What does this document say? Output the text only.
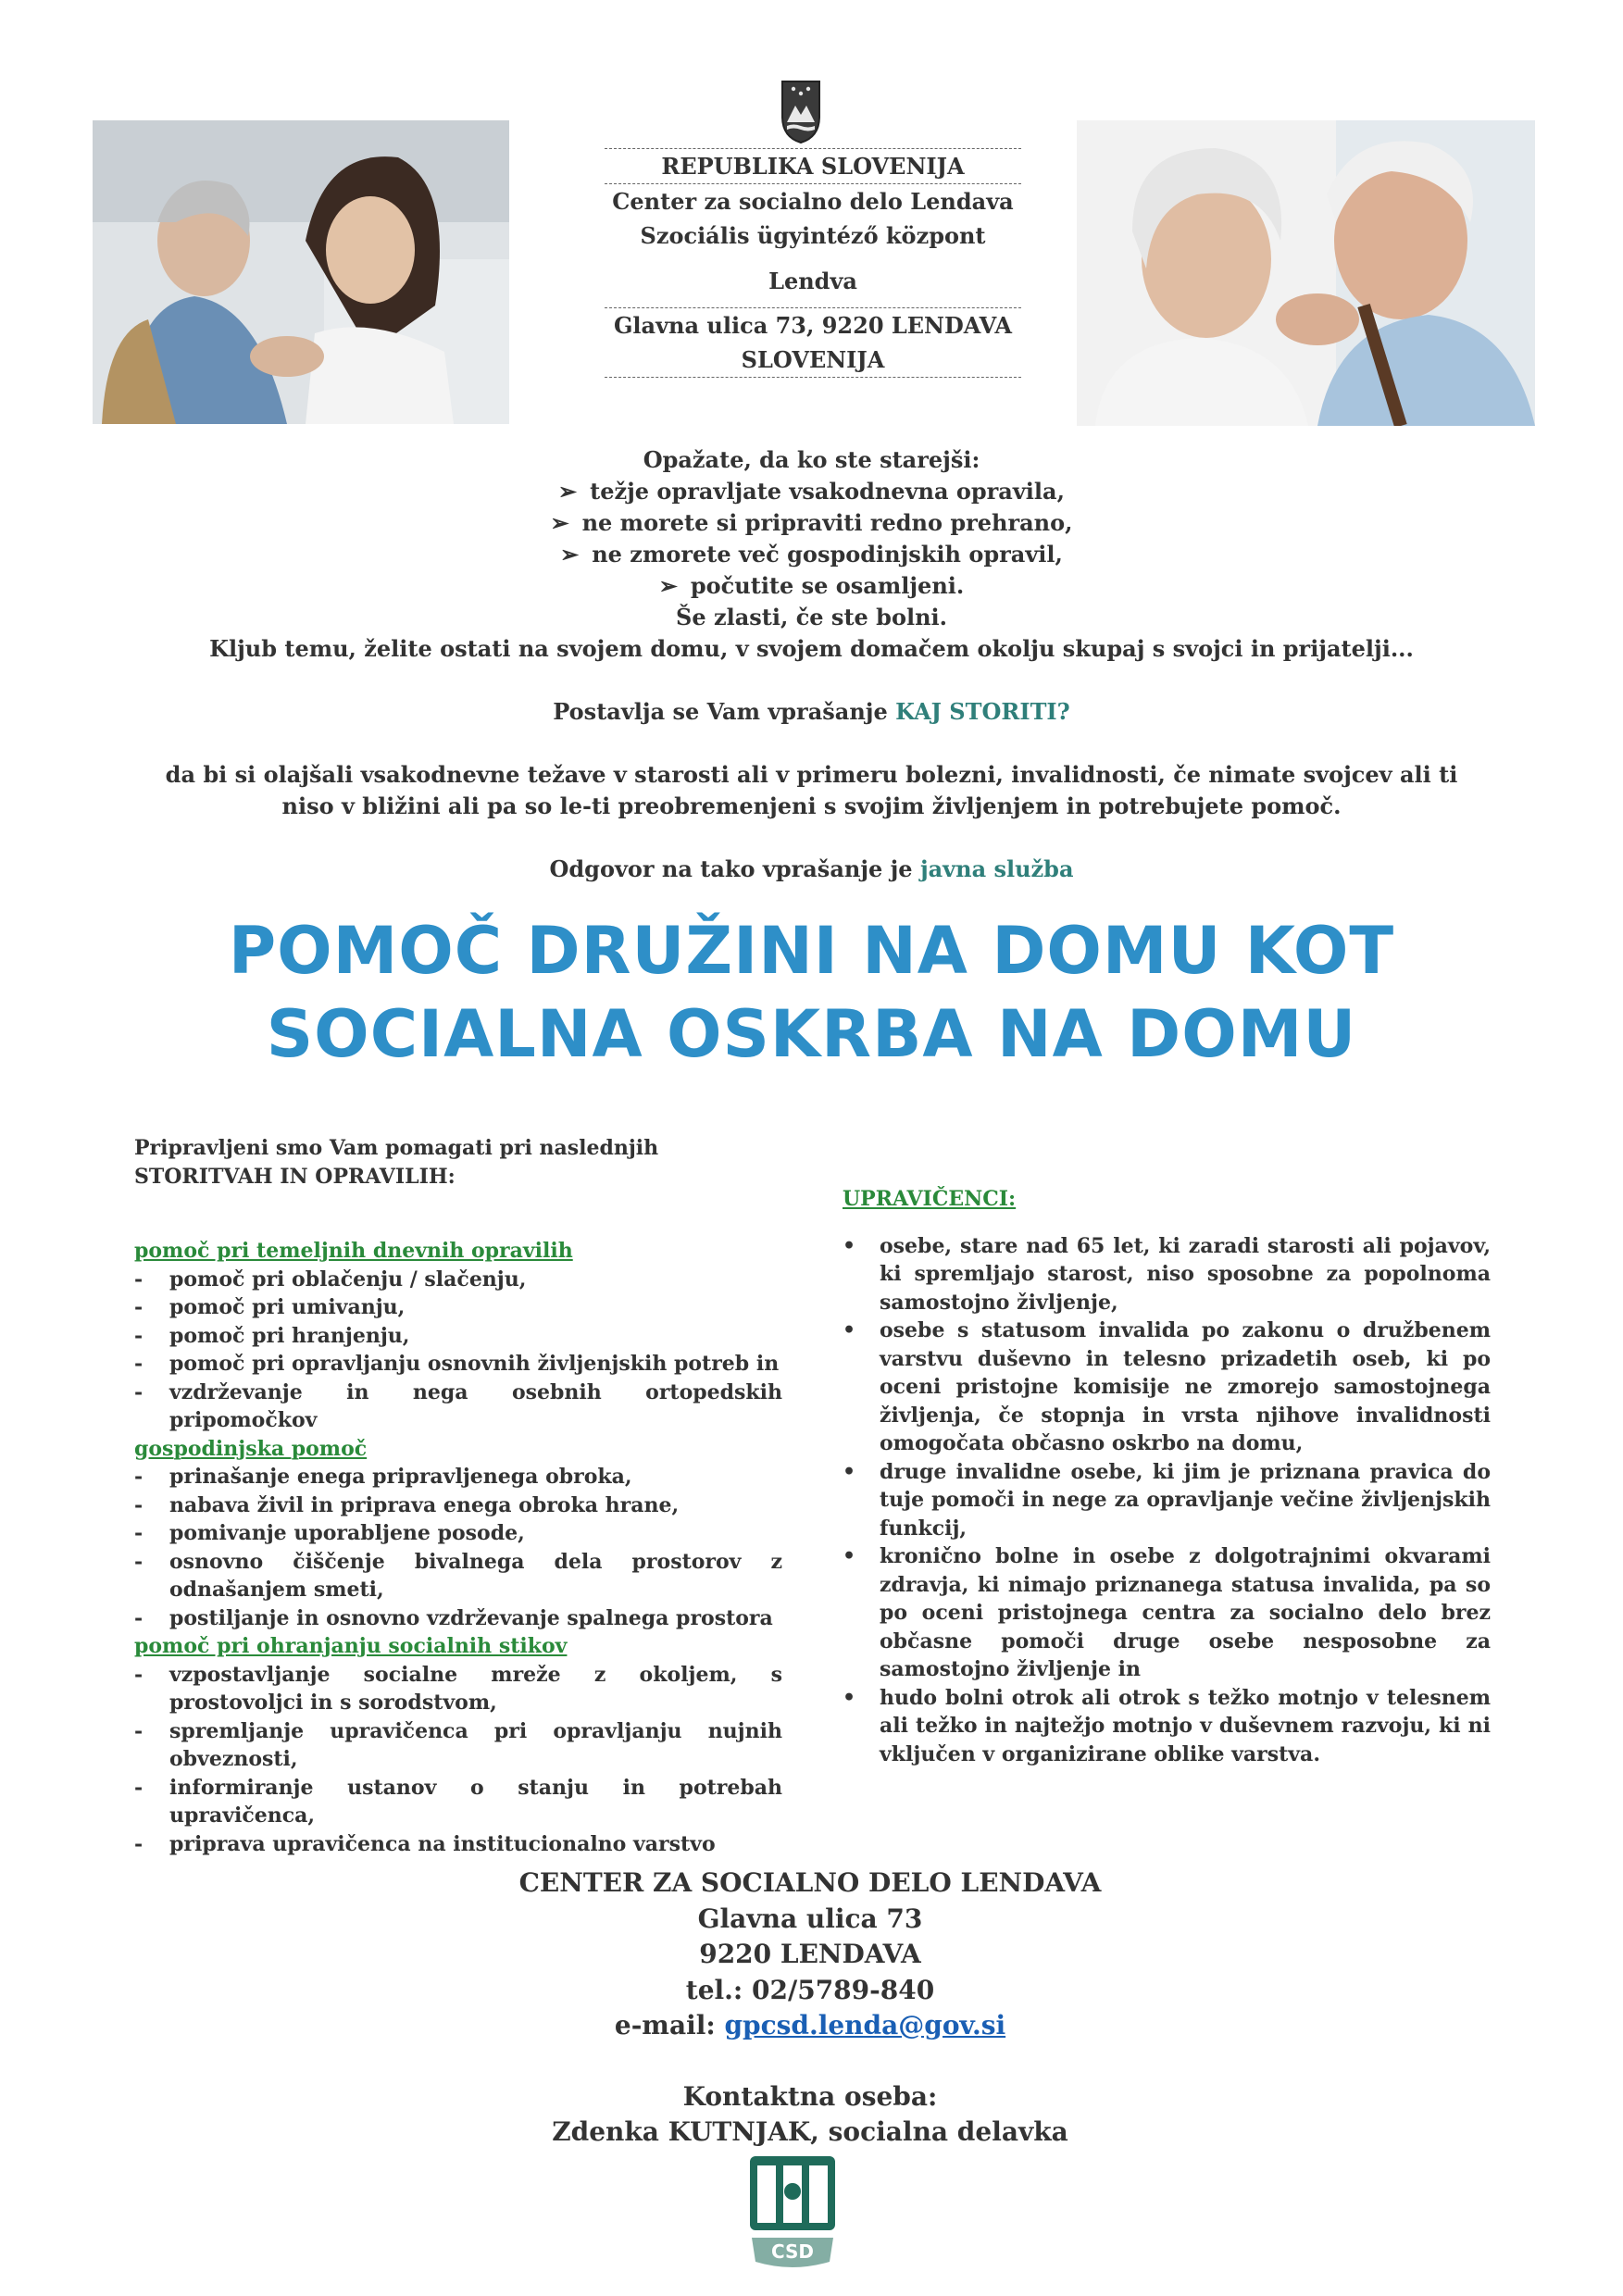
REPUBLIKA SLOVENIJA

Center za socialno delo Lendava

Szociális ügyintéző központ

Lendva

Glavna ulica 73, 9220 LENDAVA

SLOVENIJA

Opažate, da ko ste starejši:

➢ težje opravljate vsakodnevna opravila,

➢ ne morete si pripraviti redno prehrano,

➢ ne zmorete več gospodinjskih opravil,

➢ počutite se osamljeni.

Še zlasti, če ste bolni.

Kljub temu, želite ostati na svojem domu, v svojem domačem okolju skupaj s svojci in prijatelji...

Postavlja se Vam vprašanje KAJ STORITI?

da bi si olajšali vsakodnevne težave v starosti ali v primeru bolezni, invalidnosti, če nimate svojcev ali ti niso v bližini ali pa so le-ti preobremenjeni s svojim življenjem in potrebujete pomoč.

Odgovor na tako vprašanje je javna služba

POMOČ DRUŽINI NA DOMU KOT

SOCIALNA OSKRBA NA DOMU

Pripravljeni smo Vam pomagati pri naslednjih STORITVAH IN OPRAVILIH:

pomoč pri temeljnih dnevnih opravilih

- pomoč pri oblačenju / slačenju,
- pomoč pri umivanju,
- pomoč pri hranjenju,
- pomoč pri opravljanju osnovnih življenjskih potreb in
- vzdrževanje in nega osebnih ortopedskih pripomočkov

gospodinjska pomoč

- prinašanje enega pripravljenega obroka,
- nabava živil in priprava enega obroka hrane,
- pomivanje uporabljene posode,
- osnovno čiščenje bivalnega dela prostorov z odnašanjem smeti,
- postiljanje in osnovno vzdrževanje spalnega prostora

pomoč pri ohranjanju socialnih stikov

- vzpostavljanje socialne mreže z okoljem, s prostovoljci in s sorodstvom,
- spremljanje upravičenca pri opravljanju nujnih obveznosti,
- informiranje ustanov o stanju in potrebah upravičenca,
- priprava upravičenca na institucionalno varstvo

UPRAVIČENCI:

• osebe, stare nad 65 let, ki zaradi starosti ali pojavov, ki spremljajo starost, niso sposobne za popolnoma samostojno življenje,
• osebe s statusom invalida po zakonu o družbenem varstvu duševno in telesno prizadetih oseb, ki po oceni pristojne komisije ne zmorejo samostojnega življenja, če stopnja in vrsta njihove invalidnosti omogočata občasno oskrbo na domu,
• druge invalidne osebe, ki jim je priznana pravica do tuje pomoči in nege za opravljanje večine življenjskih funkcij,
• kronično bolne in osebe z dolgotrajnimi okvarami zdravja, ki nimajo priznanega statusa invalida, pa so po oceni pristojnega centra za socialno delo brez občasne pomoči druge osebe nesposobne za samostojno življenje in
• hudo bolni otrok ali otrok s težko motnjo v telesnem ali težko in najtežjo motnjo v duševnem razvoju, ki ni vključen v organizirane oblike varstva.

CENTER ZA SOCIALNO DELO LENDAVA

Glavna ulica 73

9220 LENDAVA

tel.: 02/5789-840

e-mail: gpcsd.lenda@gov.si

Kontaktna oseba:

Zdenka KUTNJAK, socialna delavka

CSD
